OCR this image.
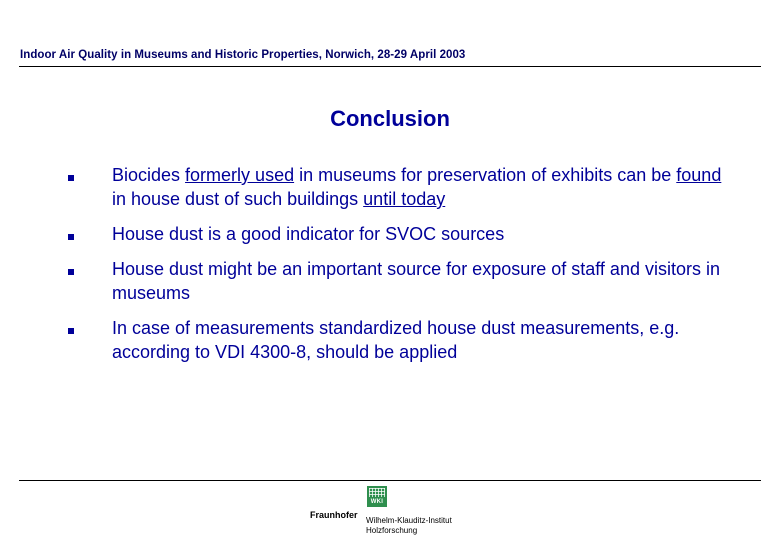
Indoor Air Quality in Museums and Historic Properties, Norwich, 28-29 April 2003
Conclusion
Biocides formerly used in museums for preservation of exhibits can be found in house dust of such buildings until today
House dust is a good indicator for SVOC sources
House dust might be an important source for exposure of staff and visitors in museums
In case of measurements standardized house dust measurements, e.g. according to VDI 4300-8, should be applied
WKI
Fraunhofer
Wilhelm-Klauditz-Institut
Holzforschung
